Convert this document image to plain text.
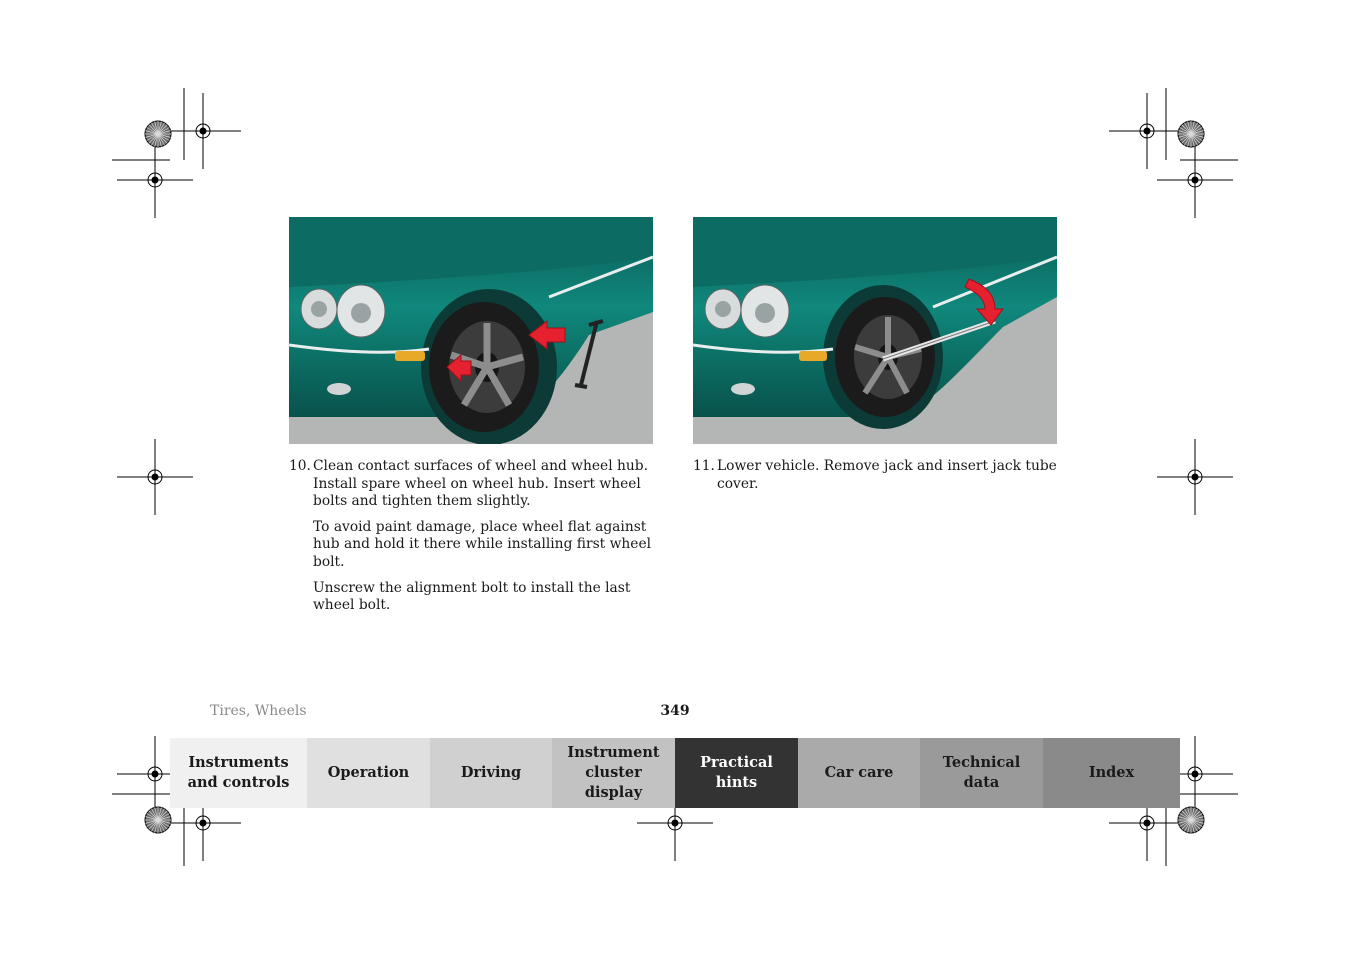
10. Clean contact surfaces of wheel and wheel hub. Install spare wheel on wheel hub. Insert wheel bolts and tighten them slightly.

To avoid paint damage, place wheel flat against hub and hold it there while installing first wheel bolt.

Unscrew the alignment bolt to install the last wheel bolt.

11. Lower vehicle. Remove jack and insert jack tube cover.

Tires, Wheels	349
Instruments
and controls
Operation	Driving
Instrument
cluster display
Practical hints
Car care
Technical
data
Index
